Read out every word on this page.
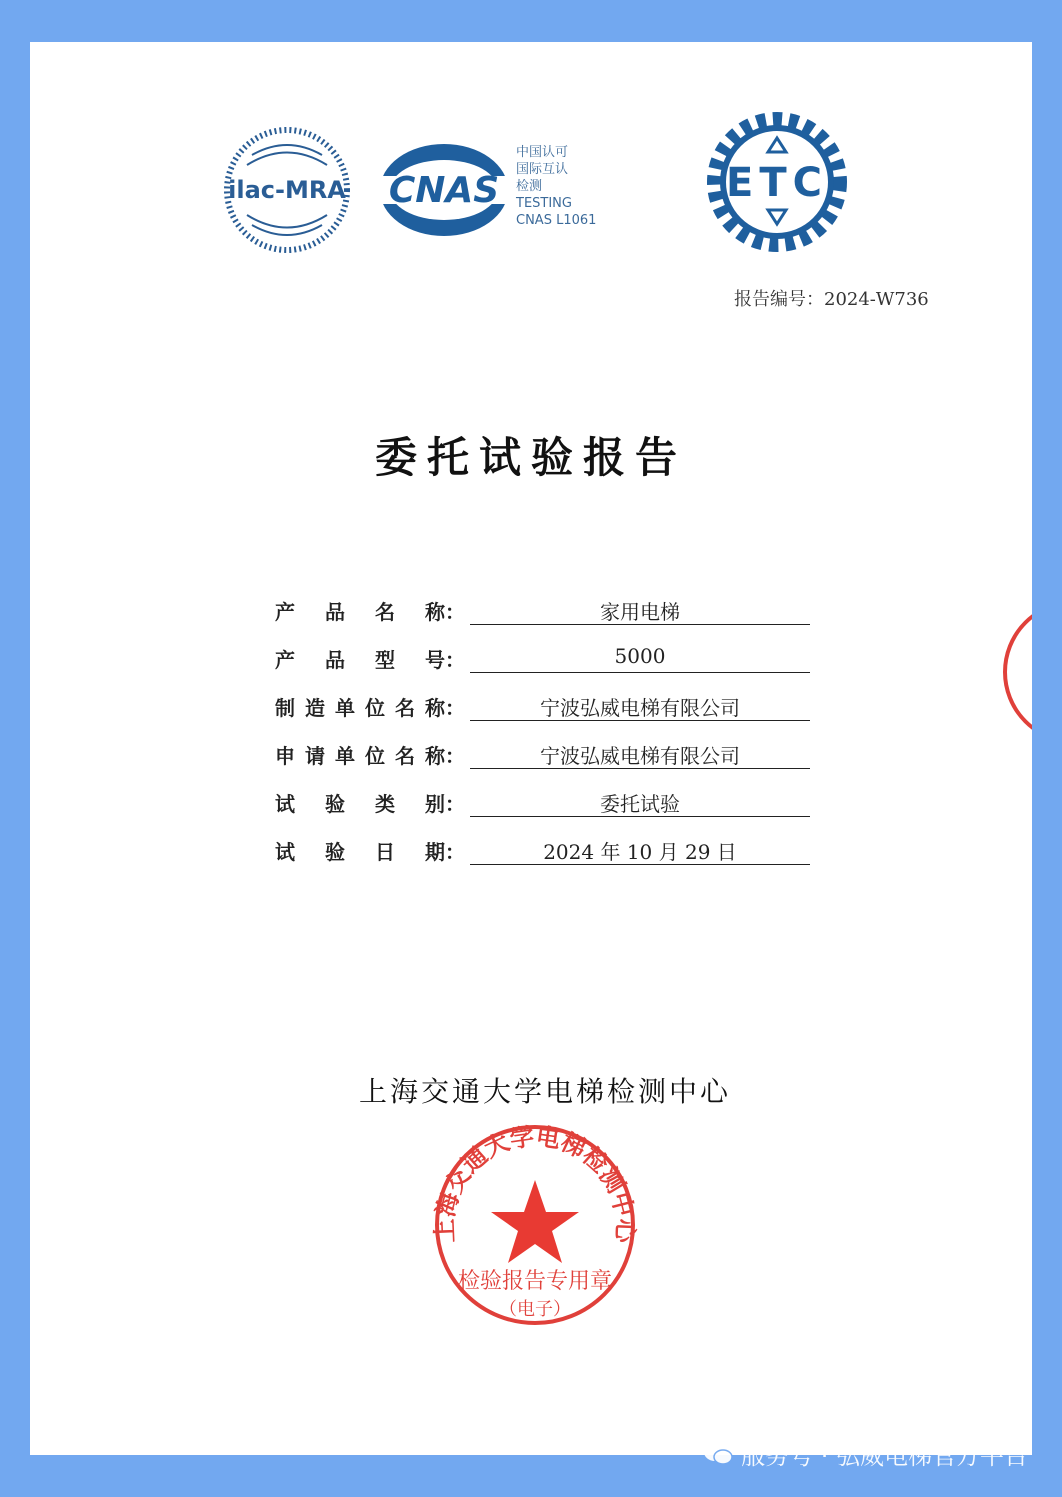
ilac-MRA CNAS
中国认可
国际互认
检测
TESTING
CNAS L1061
ETC
报告编号：2024-W736
委托试验报告
产 品 名 称：	家用电梯
产 品 型 号：	5000
制 造 单 位 名 称：	宁波弘威电梯有限公司
申 请 单 位 名 称：	宁波弘威电梯有限公司
试 验 类 别：	委托试验
试 验 日 期：	2024 年 10 月 29 日
上海交通大学电梯检测中心
检验报告专用章
（电子）
上海交通大学电梯检测中心
服务号 · 弘威电梯官方平台
